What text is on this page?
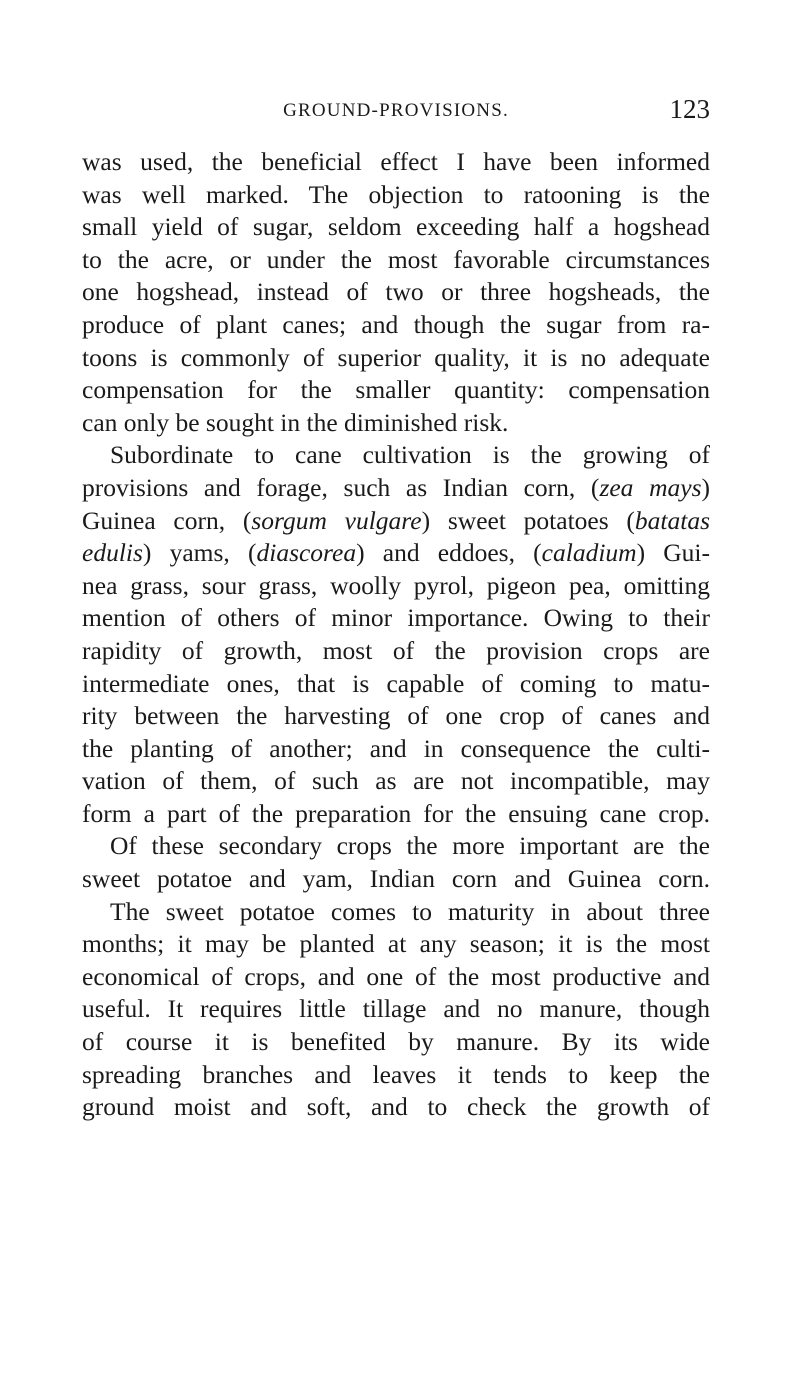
GROUND-PROVISIONS.	123
was used, the beneficial effect I have been informed
was well marked. The objection to ratooning is the
small yield of sugar, seldom exceeding half a hogshead
to the acre, or under the most favorable circumstances
one hogshead, instead of two or three hogsheads, the
produce of plant canes; and though the sugar from ra-
toons is commonly of superior quality, it is no adequate
compensation for the smaller quantity: compensation
can only be sought in the diminished risk.
Subordinate to cane cultivation is the growing of
provisions and forage, such as Indian corn, (zea mays)
Guinea corn, (sorgum vulgare) sweet potatoes (batatas
edulis) yams, (diascorea) and eddoes, (caladium) Gui-
nea grass, sour grass, woolly pyrol, pigeon pea, omitting
mention of others of minor importance. Owing to their
rapidity of growth, most of the provision crops are
intermediate ones, that is capable of coming to matu-
rity between the harvesting of one crop of canes and
the planting of another; and in consequence the culti-
vation of them, of such as are not incompatible, may
form a part of the preparation for the ensuing cane crop.
Of these secondary crops the more important are the
sweet potatoe and yam, Indian corn and Guinea corn.
The sweet potatoe comes to maturity in about three
months; it may be planted at any season; it is the most
economical of crops, and one of the most productive and
useful. It requires little tillage and no manure, though
of course it is benefited by manure. By its wide
spreading branches and leaves it tends to keep the
ground moist and soft, and to check the growth of
